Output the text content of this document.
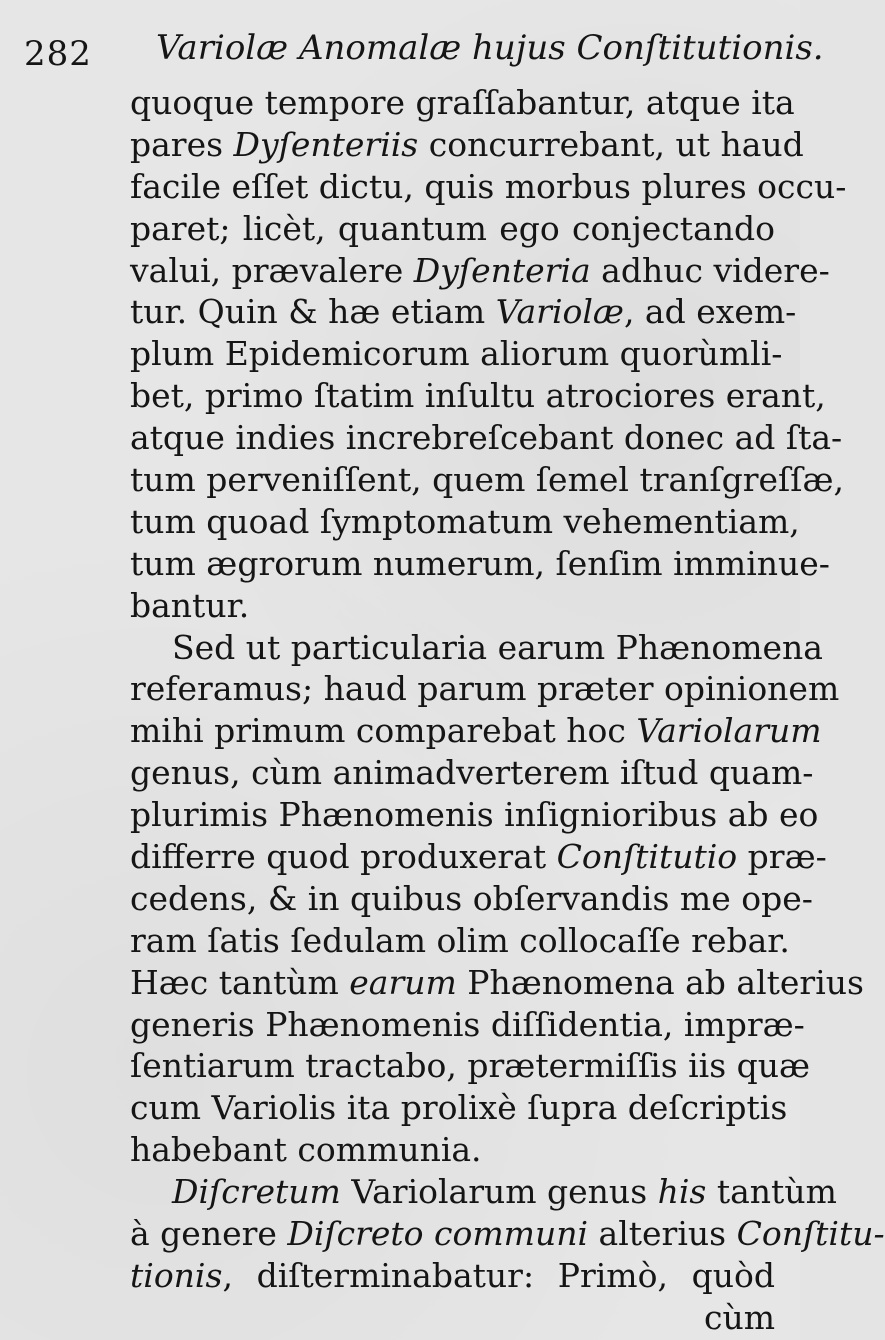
282 Variolæ Anomalæ hujus Conſtitutionis.
quoque tempore graſſabantur, atque ita
pares Dyſenteriis concurrebant, ut haud
facile eſſet dictu, quis morbus plures occu-
paret; licèt, quantum ego conjectando
valui, prævalere Dyſenteria adhuc videre-
tur. Quin & hæ etiam Variolæ, ad exem-
plum Epidemicorum aliorum quorùmli-
bet, primo ſtatim inſultu atrociores erant,
atque indies increbreſcebant donec ad ſta-
tum perveniſſent, quem ſemel tranſgreſſæ,
tum quoad ſymptomatum vehementiam,
tum ægrorum numerum, ſenſim imminue-
bantur.
Sed ut particularia earum Phænomena
referamus; haud parum præter opinionem
mihi primum comparebat hoc Variolarum
genus, cùm animadverterem iſtud quam-
plurimis Phænomenis inſignioribus ab eo
differre quod produxerat Conſtitutio præ-
cedens, & in quibus obſervandis me ope-
ram ſatis ſedulam olim collocaſſe rebar.
Hæc tantùm earum Phænomena ab alterius
generis Phænomenis diſſidentia, impræ-
ſentiarum tractabo, prætermiſſis iis quæ
cum Variolis ita prolixè ſupra deſcriptis
habebant communia.
Diſcretum Variolarum genus his tantùm
à genere Diſcreto communi alterius Conſtitu-
tionis, diſterminabatur: Primò, quòd
cùm
